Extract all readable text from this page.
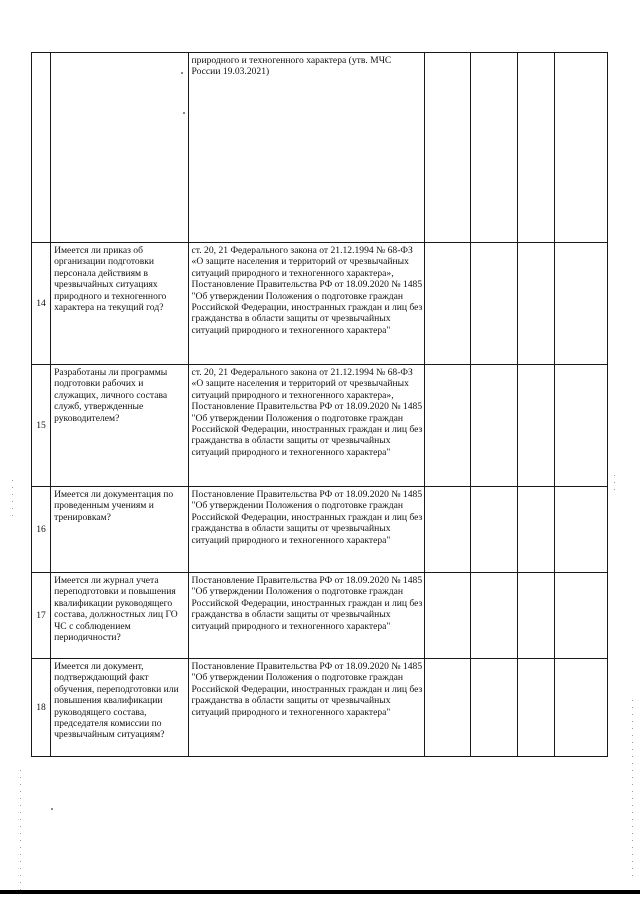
		природного и техногенного характера (утв. МЧС России 19.03.2021)				

14	Имеется ли приказ об организации подготовки персонала действиям в чрезвычайных ситуациях природного и техногенного характера на текущий год?	ст. 20, 21 Федерального закона от 21.12.1994 № 68-ФЗ «О защите населения и территорий от чрезвычайных ситуаций природного и техногенного характера», Постановление Правительства РФ от 18.09.2020 № 1485 "Об утверждении Положения о подготовке граждан Российской Федерации, иностранных граждан и лиц без гражданства в области защиты от чрезвычайных ситуаций природного и техногенного характера"				

15	Разработаны ли программы подготовки рабочих и служащих, личного состава служб, утвержденные руководителем?	ст. 20, 21 Федерального закона от 21.12.1994 № 68-ФЗ «О защите населения и территорий от чрезвычайных ситуаций природного и техногенного характера», Постановление Правительства РФ от 18.09.2020 № 1485 "Об утверждении Положения о подготовке граждан Российской Федерации, иностранных граждан и лиц без гражданства в области защиты от чрезвычайных ситуаций природного и техногенного характера"				

16	Имеется ли документация по проведенным учениям и тренировкам?	Постановление Правительства РФ от 18.09.2020 № 1485 "Об утверждении Положения о подготовке граждан Российской Федерации, иностранных граждан и лиц без гражданства в области защиты от чрезвычайных ситуаций природного и техногенного характера"				

17	Имеется ли журнал учета переподготовки и повышения квалификации руководящего состава, должностных лиц ГО ЧС с соблюдением периодичности?	Постановление Правительства РФ от 18.09.2020 № 1485 "Об утверждении Положения о подготовке граждан Российской Федерации, иностранных граждан и лиц без гражданства в области защиты от чрезвычайных ситуаций природного и техногенного характера"				

18	Имеется ли документ, подтверждающий факт обучения, переподготовки или повышения квалификации руководящего состава, председателя комиссии по чрезвычайным ситуациям?	Постановление Правительства РФ от 18.09.2020 № 1485 "Об утверждении Положения о подготовке граждан Российской Федерации, иностранных граждан и лиц без гражданства в области защиты от чрезвычайных ситуаций природного и техногенного характера"				
